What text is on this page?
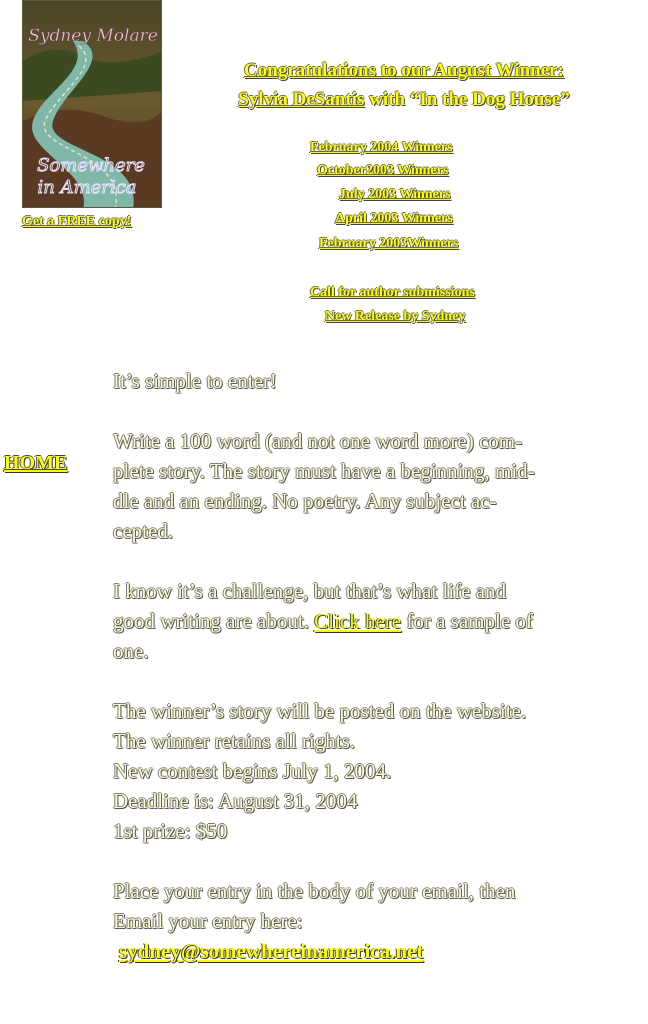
Sydney Molare
Somewhere
in America
Get a FREE copy!
Congratulations to our August Winner:
Sylvia DeSantis with “In the Dog House”
February 2004 Winners
October2003 Winners
July 2003 Winners
April 2003 Winners
February 2003Winners
Call for author submissions
New Release by Sydney
HOME

It’s simple to enter!

Write a 100 word (and not one word more) com-

plete story. The story must have a beginning, mid-

dle and an ending. No poetry. Any subject ac-

cepted.

I know it’s a challenge, but that’s what life and

good writing are about. Click here for a sample of

one.

The winner’s story will be posted on the website.

The winner retains all rights.

New contest begins July 1, 2004.

Deadline is: August 31, 2004

1st prize: $50

Place your entry in the body of your email, then

Email your entry here:

sydney@somewhereinamerica.net
